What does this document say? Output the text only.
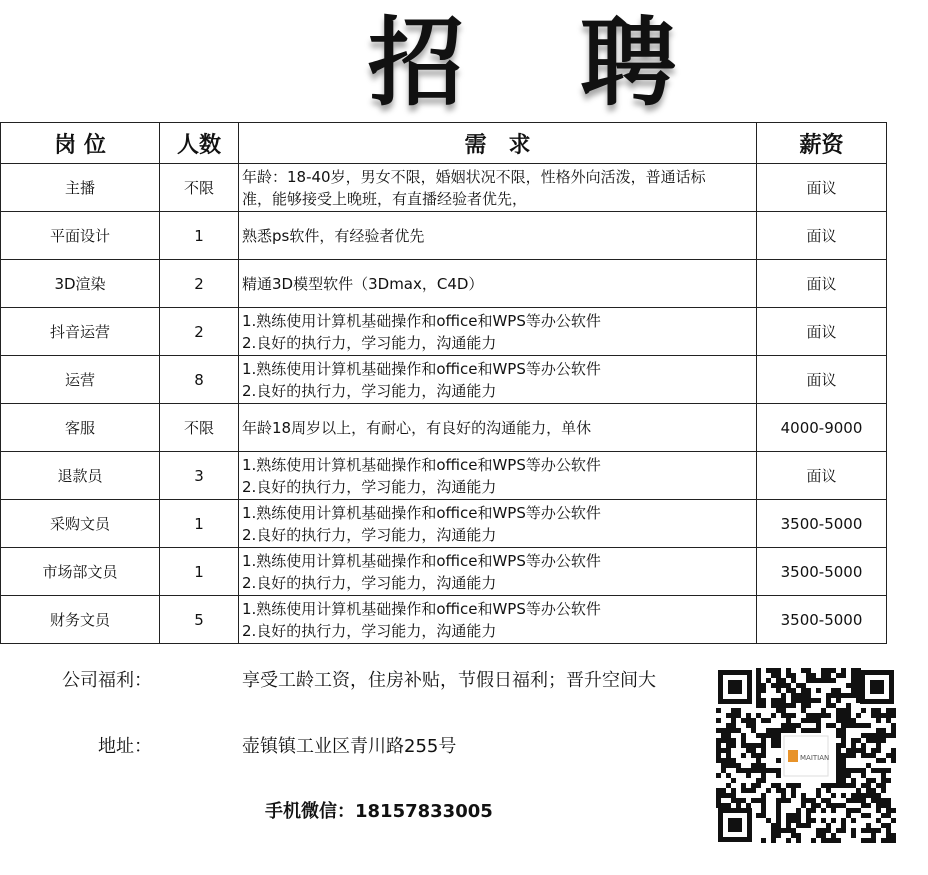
招 聘
岗 位	人数	需　求	薪资
主播	不限	年龄：18-40岁，男女不限，婚姻状况不限，性格外向活泼，普通话标
准，能够接受上晚班，有直播经验者优先，	面议
平面设计	1	熟悉ps软件，有经验者优先	面议
3D渲染	2	精通3D模型软件（3Dmax，C4D）	面议
抖音运营	2	1.熟练使用计算机基础操作和office和WPS等办公软件
2.良好的执行力，学习能力，沟通能力	面议
运营	8	1.熟练使用计算机基础操作和office和WPS等办公软件
2.良好的执行力，学习能力，沟通能力	面议
客服	不限	年龄18周岁以上，有耐心，有良好的沟通能力，单休	4000-9000
退款员	3	1.熟练使用计算机基础操作和office和WPS等办公软件
2.良好的执行力，学习能力，沟通能力	面议
采购文员	1	1.熟练使用计算机基础操作和office和WPS等办公软件
2.良好的执行力，学习能力，沟通能力	3500-5000
市场部文员	1	1.熟练使用计算机基础操作和office和WPS等办公软件
2.良好的执行力，学习能力，沟通能力	3500-5000
财务文员	5	1.熟练使用计算机基础操作和office和WPS等办公软件
2.良好的执行力，学习能力，沟通能力	3500-5000
公司福利：	享受工龄工资，住房补贴，节假日福利；晋升空间大
地址：	壶镇镇工业区青川路255号
手机微信：18157833005
MAITIAN
